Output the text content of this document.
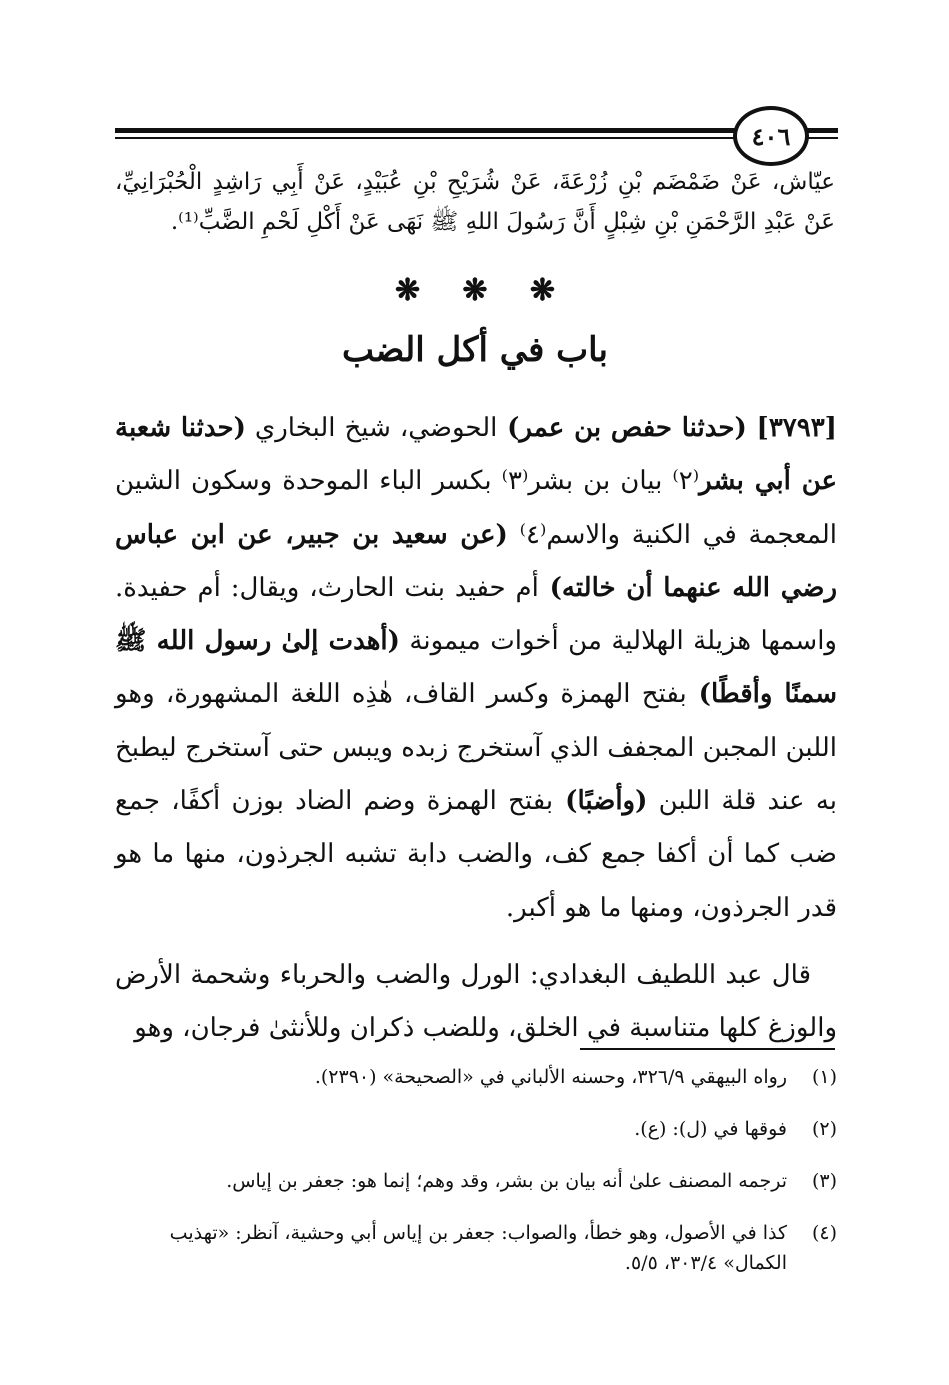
٤٠٦
عيّاش، عَنْ ضَمْضَم بْنِ زُرْعَةَ، عَنْ شُرَيْحِ بْنِ عُبَيْدٍ، عَنْ أَبِي رَاشِدٍ الْحُبْرَانِيِّ، عَنْ عَبْدِ الرَّحْمَنِ بْنِ شِبْلٍ أَنَّ رَسُولَ اللهِ ﷺ نَهَى عَنْ أَكْلِ لَحْمِ الضَّبِّ⁽¹⁾.
❋ ❋ ❋
باب في أكل الضب

[٣٧٩٣] (حدثنا حفص بن عمر) الحوضي، شيخ البخاري (حدثنا شعبة عن أبي بشر⁽٢⁾ بيان بن بشر⁽٣⁾ بكسر الباء الموحدة وسكون الشين المعجمة في الكنية والاسم⁽٤⁾ (عن سعيد بن جبير، عن ابن عباس رضي الله عنهما أن خالته) أم حفيد بنت الحارث، ويقال: أم حفيدة. واسمها هزيلة الهلالية من أخوات ميمونة (أهدت إلىٰ رسول الله ﷺ سمنًا وأقطًا) بفتح الهمزة وكسر القاف، هٰذِه اللغة المشهورة، وهو اللبن المجبن المجفف الذي آستخرج زبده ويبس حتى آستخرج ليطبخ به عند قلة اللبن (وأضبًا) بفتح الهمزة وضم الضاد بوزن أكفًا، جمع ضب كما أن أكفا جمع كف، والضب دابة تشبه الجرذون، منها ما هو قدر الجرذون، ومنها ما هو أكبر.

قال عبد اللطيف البغدادي: الورل والضب والحرباء وشحمة الأرض والوزغ كلها متناسبة في الخلق، وللضب ذكران وللأنثىٰ فرجان، وهو

(١)
رواه البيهقي ٣٢٦/٩، وحسنه الألباني في «الصحيحة» (٢٣٩٠).
(٢)
فوقها في (ل): (ع).
(٣)
ترجمه المصنف علىٰ أنه بيان بن بشر، وقد وهم؛ إنما هو: جعفر بن إياس.
(٤)
كذا في الأصول، وهو خطأ، والصواب: جعفر بن إياس أبي وحشية، آنظر: «تهذيب الكمال» ٣٠٣/٤، ٥/٥.
